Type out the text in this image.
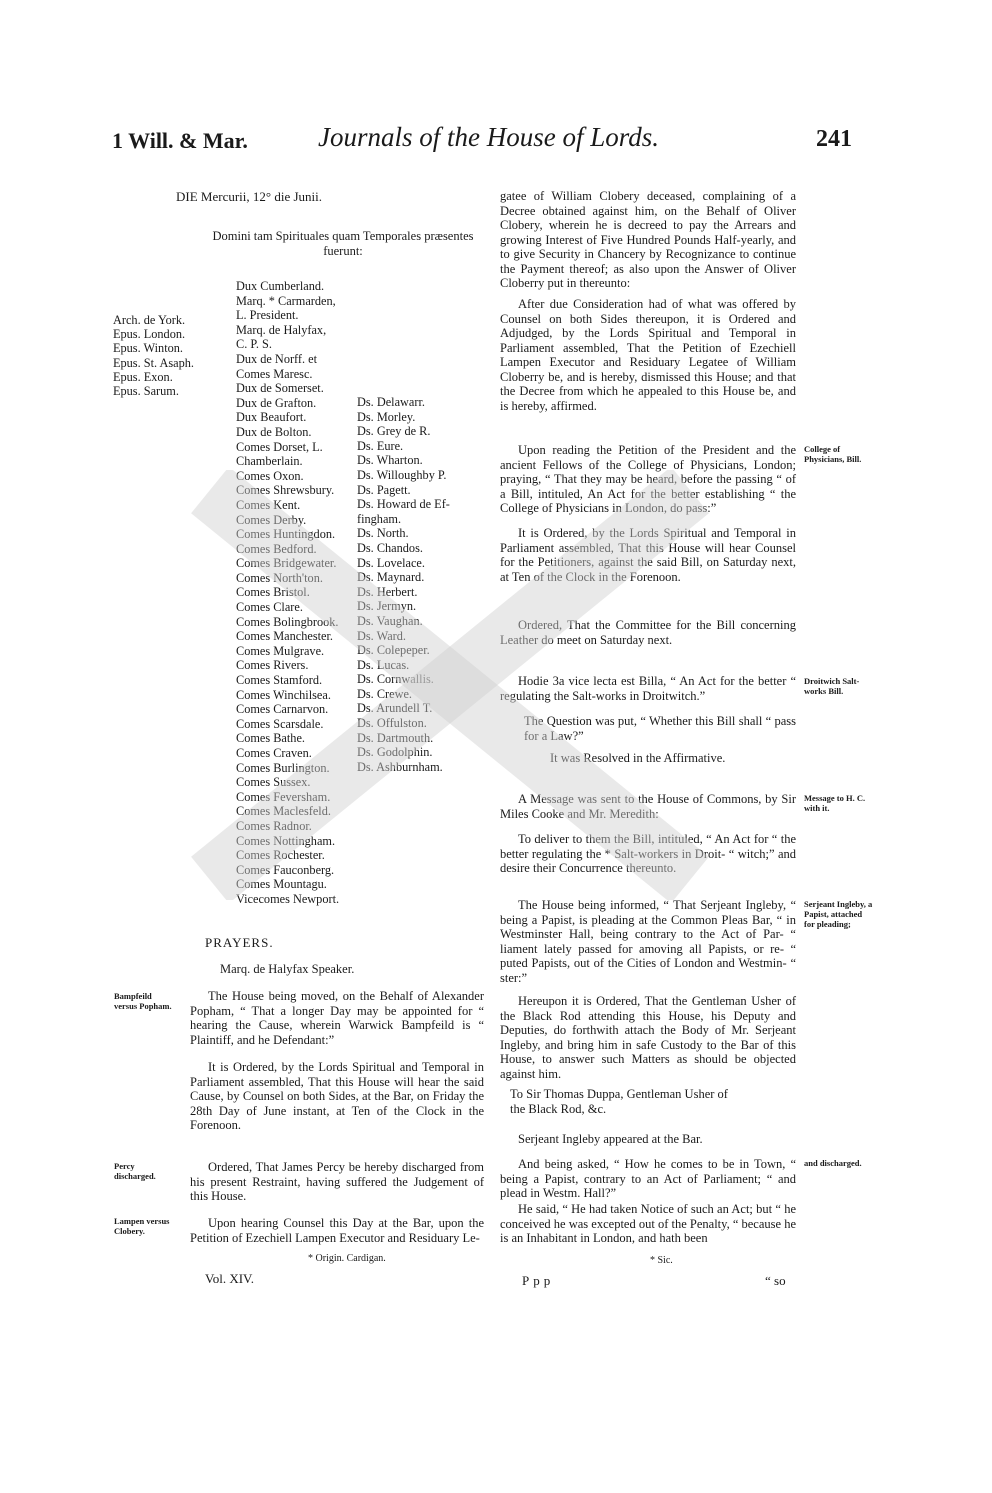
1 Will. & Mar.	Journals of the House of Lords.	241
DIE Mercurii, 12° die Junii.
Domini tam Spirituales quam Temporales præsentes fuerunt:
Arch. de York.
Epus. London.
Epus. Winton.
Epus. St. Asaph.
Epus. Exon.
Epus. Sarum.
Dux Cumberland.
Marq. * Carmarden,
L. President.
Marq. de Halyfax,
C. P. S.
Dux de Norff. et
Comes Maresc.
Dux de Somerset.
Dux de Grafton.
Dux Beaufort.
Dux de Bolton.
Comes Dorset, L.
Chamberlain.
Comes Oxon.
Comes Shrewsbury.
Comes Kent.
Comes Derby.
Comes Huntingdon.
Comes Bedford.
Comes Bridgewater.
Comes North'ton.
Comes Bristol.
Comes Clare.
Comes Bolingbrook.
Comes Manchester.
Comes Mulgrave.
Comes Rivers.
Comes Stamford.
Comes Winchilsea.
Comes Carnarvon.
Comes Scarsdale.
Comes Bathe.
Comes Craven.
Comes Burlington.
Comes Sussex.
Comes Feversham.
Comes Maclesfeld.
Comes Radnor.
Comes Nottingham.
Comes Rochester.
Comes Fauconberg.
Comes Mountagu.
Vicecomes Newport.
Ds. Delawarr.
Ds. Morley.
Ds. Grey de R.
Ds. Eure.
Ds. Wharton.
Ds. Willoughby P.
Ds. Pagett.
Ds. Howard de Ef-
fingham.
Ds. North.
Ds. Chandos.
Ds. Lovelace.
Ds. Maynard.
Ds. Herbert.
Ds. Jermyn.
Ds. Vaughan.
Ds. Ward.
Ds. Colepeper.
Ds. Lucas.
Ds. Cornwallis.
Ds. Crewe.
Ds. Arundell T.
Ds. Offulston.
Ds. Dartmouth.
Ds. Godolphin.
Ds. Ashburnham.
PRAYERS.
Marq. de Halyfax Speaker.
The House being moved, on the Behalf of Alexander Popham, “ That a longer Day may be appointed for “ hearing the Cause, wherein Warwick Bampfeild is “ Plaintiff, and he Defendant:”
It is Ordered, by the Lords Spiritual and Temporal in Parliament assembled, That this House will hear the said Cause, by Counsel on both Sides, at the Bar, on Friday the 28th Day of June instant, at Ten of the Clock in the Forenoon.
Ordered, That James Percy be hereby discharged from his present Restraint, having suffered the Judgement of this House.
Upon hearing Counsel this Day at the Bar, upon the Petition of Ezechiell Lampen Executor and Residuary Le-
Bampfeild versus Popham.
Percy discharged.
Lampen versus Clobery.
* Origin. Cardigan.
Vol. XIV.
gatee of William Clobery deceased, complaining of a Decree obtained against him, on the Behalf of Oliver Clobery, wherein he is decreed to pay the Arrears and growing Interest of Five Hundred Pounds Half-yearly, and to give Security in Chancery by Recognizance to continue the Payment thereof; as also upon the Answer of Oliver Cloberry put in thereunto:
After due Consideration had of what was offered by Counsel on both Sides thereupon, it is Ordered and Adjudged, by the Lords Spiritual and Temporal in Parliament assembled, That the Petition of Ezechiell Lampen Executor and Residuary Legatee of William Cloberry be, and is hereby, dismissed this House; and that the Decree from which he appealed to this House be, and is hereby, affirmed.
Upon reading the Petition of the President and the ancient Fellows of the College of Physicians, London; praying, “ That they may be heard, before the passing “ of a Bill, intituled, An Act for the better establishing “ the College of Physicians in London, do pass:”
It is Ordered, by the Lords Spiritual and Temporal in Parliament assembled, That this House will hear Counsel for the Petitioners, against the said Bill, on Saturday next, at Ten of the Clock in the Forenoon.
Ordered, That the Committee for the Bill concerning Leather do meet on Saturday next.
Hodie 3a vice lecta est Billa, “ An Act for the better “ regulating the Salt-works in Droitwitch.”
The Question was put, “ Whether this Bill shall “ pass for a Law?”
It was Resolved in the Affirmative.
A Message was sent to the House of Commons, by Sir Miles Cooke and Mr. Meredith:
To deliver to them the Bill, intituled, “ An Act for “ the better regulating the * Salt-workers in Droit- “ witch;” and desire their Concurrence thereunto.
The House being informed, “ That Serjeant Ingleby, “ being a Papist, is pleading at the Common Pleas Bar, “ in Westminster Hall, being contrary to the Act of Par- “ liament lately passed for amoving all Papists, or re- “ puted Papists, out of the Cities of London and Westmin- “ ster:”
Hereupon it is Ordered, That the Gentleman Usher of the Black Rod attending this House, his Deputy and Deputies, do forthwith attach the Body of Mr. Serjeant Ingleby, and bring him in safe Custody to the Bar of this House, to answer such Matters as should be objected against him.
To Sir Thomas Duppa, Gentleman Usher of the Black Rod, &c.
Serjeant Ingleby appeared at the Bar.
And being asked, “ How he comes to be in Town, “ being a Papist, contrary to an Act of Parliament; “ and plead in Westm. Hall?”
He said, “ He had taken Notice of such an Act; but “ he conceived he was excepted out of the Penalty, “ because he is an Inhabitant in London, and hath been
College of Physicians, Bill.
Droitwich Salt-works Bill.
Message to H. C. with it.
Serjeant Ingleby, a Papist, attached for pleading;
and discharged.
Ppp
* Sic.
“ so
